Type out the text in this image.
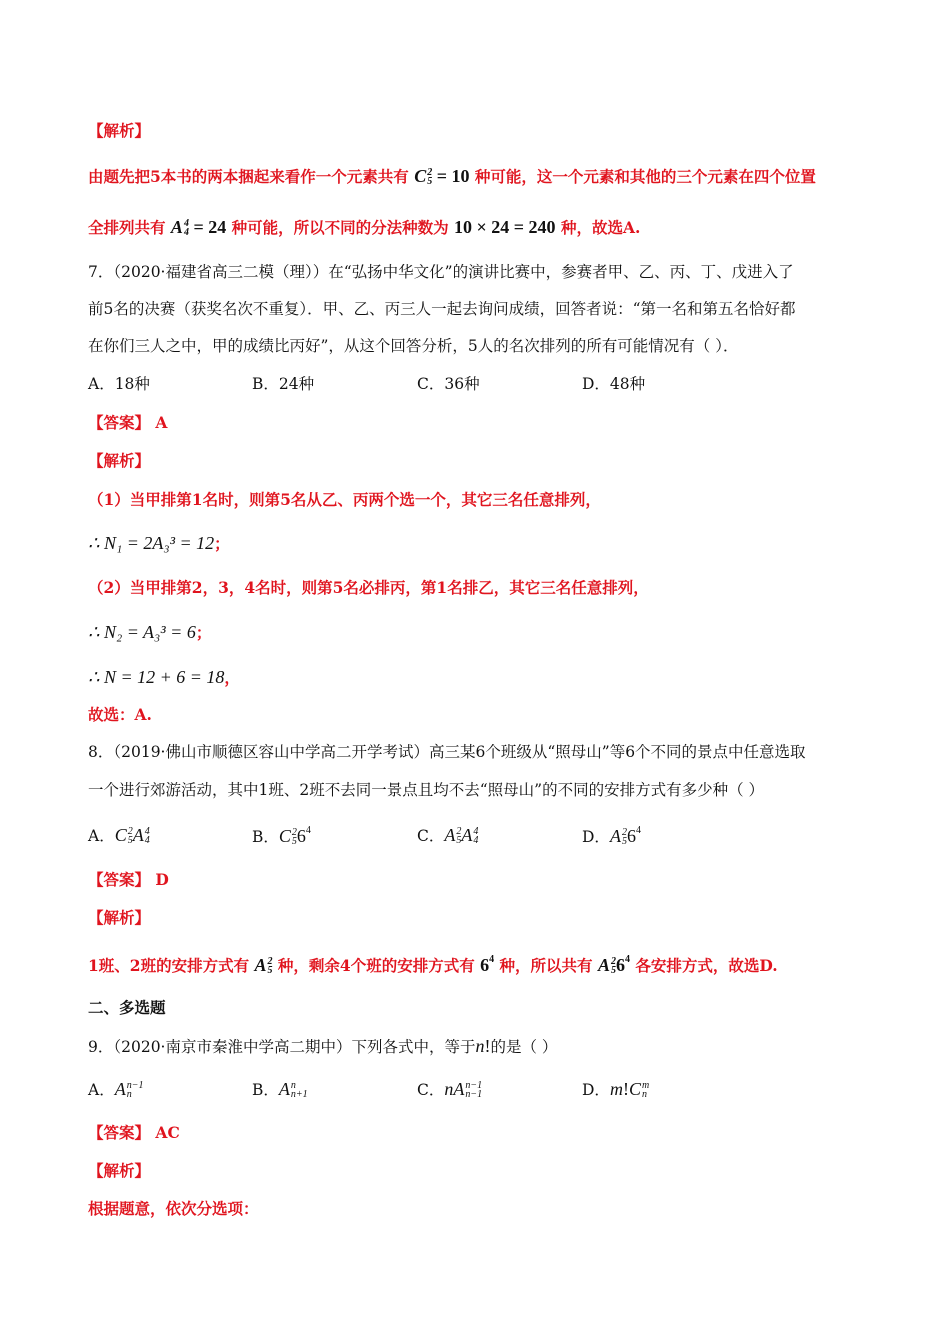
【解析】
由题先把5本书的两本捆起来看作一个元素共有 C 2
5 = 10 种可能，这一个元素和其他的三个元素在四个位置
全排列共有 A 4
4 = 24 种可能，所以不同的分法种数为 10 × 24 = 240 种，故选A.
7．（2020·福建省高三二模（理））在“弘扬中华文化”的演讲比赛中，参赛者甲、乙、丙、丁、戊进入了
前5名的决赛（获奖名次不重复）．甲、乙、丙三人一起去询问成绩，回答者说：“第一名和第五名恰好都
在你们三人之中，甲的成绩比丙好”，从这个回答分析，5人的名次排列的所有可能情况有（ ）．
A．18种	B．24种	C．36种	D．48种
【答案】 A
【解析】
（1）当甲排第1名时，则第5名从乙、丙两个选一个，其它三名任意排列，
∴ N₁ = 2A₃³ = 12；
（2）当甲排第2，3，4名时，则第5名必排丙，第1名排乙，其它三名任意排列，
∴ N₂ = A₃³ = 6；
∴ N = 12 + 6 = 18，
故选：A.
8．（2019·佛山市顺德区容山中学高二开学考试）高三某6个班级从“照母山”等6个不同的景点中任意选取
一个进行郊游活动，其中1班、2班不去同一景点且均不去“照母山”的不同的安排方式有多少种（ ）
A．C 2
5 A 4
4	B．C 2
5 $6^4$	C．A 2
5 A 4
4	D．A 2
5 $6^4$
【答案】 D
【解析】
1班、2班的安排方式有 A 2
5 种，剩余4个班的安排方式有 $6^4$ 种，所以共有 A 2
5 $6^4$ 各安排方式，故选D.
二、多选题
9．（2020·南京市秦淮中学高二期中）下列各式中，等于n!的是（ ）
A．A n−1
n	B．A n
n+1	C．nA n−1
n−1	D．m!C m
n
【答案】 AC
【解析】
根据题意，依次分选项：
